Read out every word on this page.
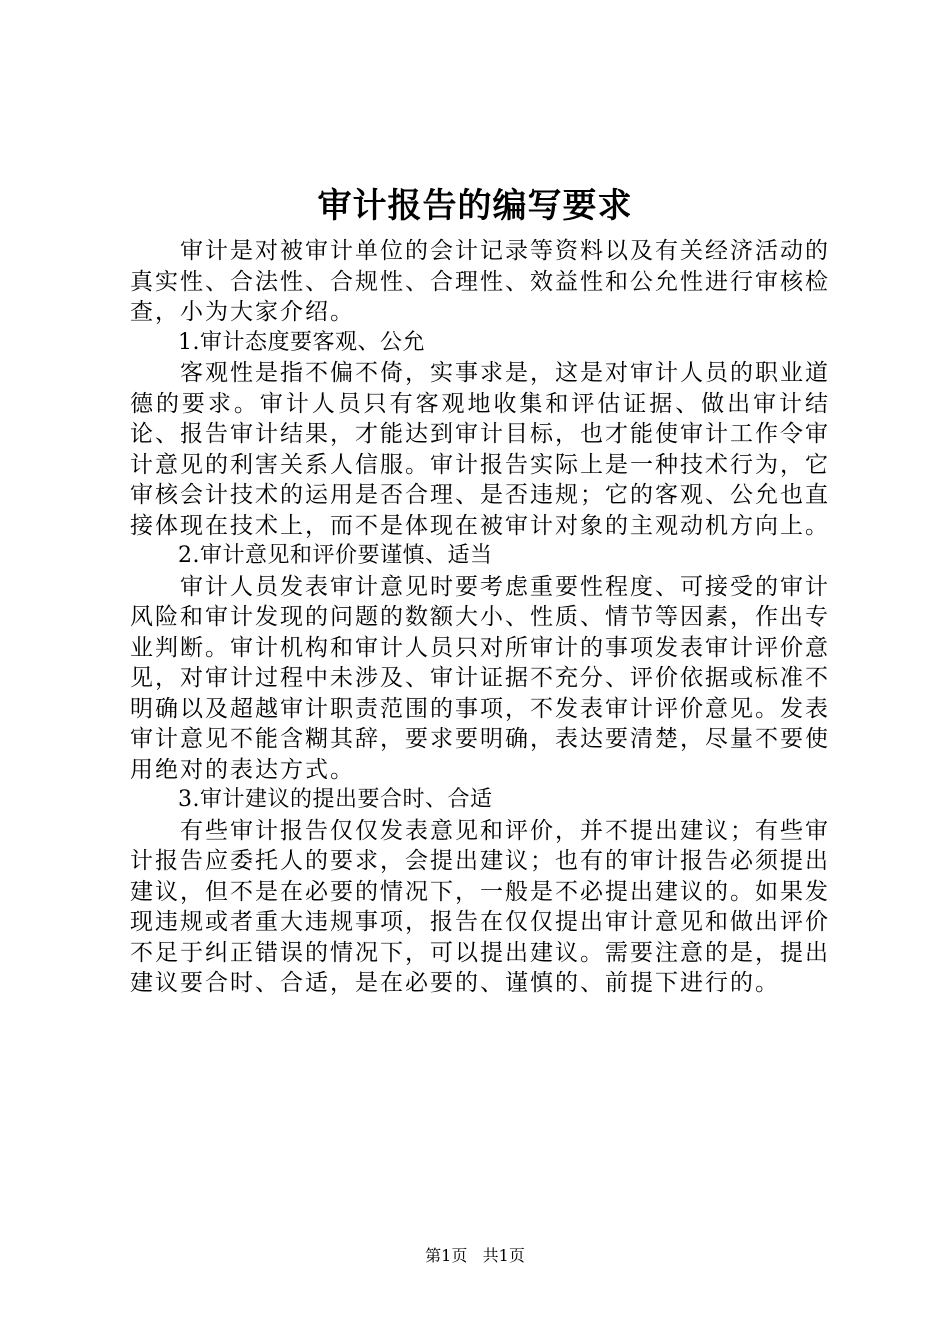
审计报告的编写要求

审计是对被审计单位的会计记录等资料以及有关经济活动的真实性、合法性、合规性、合理性、效益性和公允性进行审核检查，小为大家介绍。

1.审计态度要客观、公允

客观性是指不偏不倚，实事求是，这是对审计人员的职业道德的要求。审计人员只有客观地收集和评估证据、做出审计结论、报告审计结果，才能达到审计目标，也才能使审计工作令审计意见的利害关系人信服。审计报告实际上是一种技术行为，它审核会计技术的运用是否合理、是否违规；它的客观、公允也直接体现在技术上，而不是体现在被审计对象的主观动机方向上。

2.审计意见和评价要谨慎、适当

审计人员发表审计意见时要考虑重要性程度、可接受的审计风险和审计发现的问题的数额大小、性质、情节等因素，作出专业判断。审计机构和审计人员只对所审计的事项发表审计评价意见，对审计过程中未涉及、审计证据不充分、评价依据或标准不明确以及超越审计职责范围的事项，不发表审计评价意见。发表审计意见不能含糊其辞，要求要明确，表达要清楚，尽量不要使用绝对的表达方式。

3.审计建议的提出要合时、合适

有些审计报告仅仅发表意见和评价，并不提出建议；有些审计报告应委托人的要求，会提出建议；也有的审计报告必须提出建议，但不是在必要的情况下，一般是不必提出建议的。如果发现违规或者重大违规事项，报告在仅仅提出审计意见和做出评价不足于纠正错误的情况下，可以提出建议。需要注意的是，提出建议要合时、合适，是在必要的、谨慎的、前提下进行的。

第1页 共1页
